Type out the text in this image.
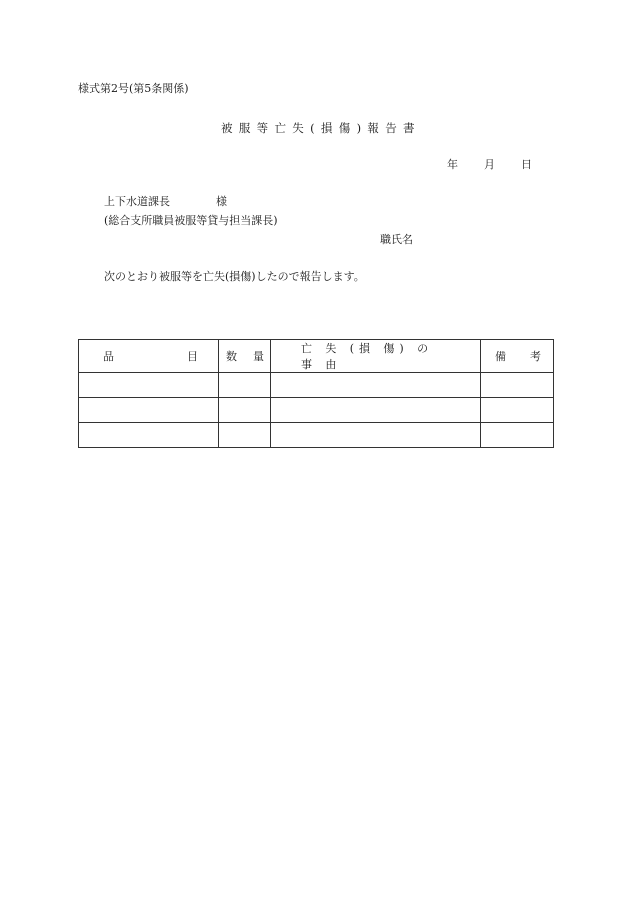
様式第2号(第5条関係)
被服等亡失(損傷)報告書
年 月 日
上下水道課長	様
(総合支所職員被服等貸与担当課長)
職氏名
次のとおり被服等を亡失(損傷)したので報告します。
品 目	数 量	亡 失 (損 傷) の 事 由	備 考
